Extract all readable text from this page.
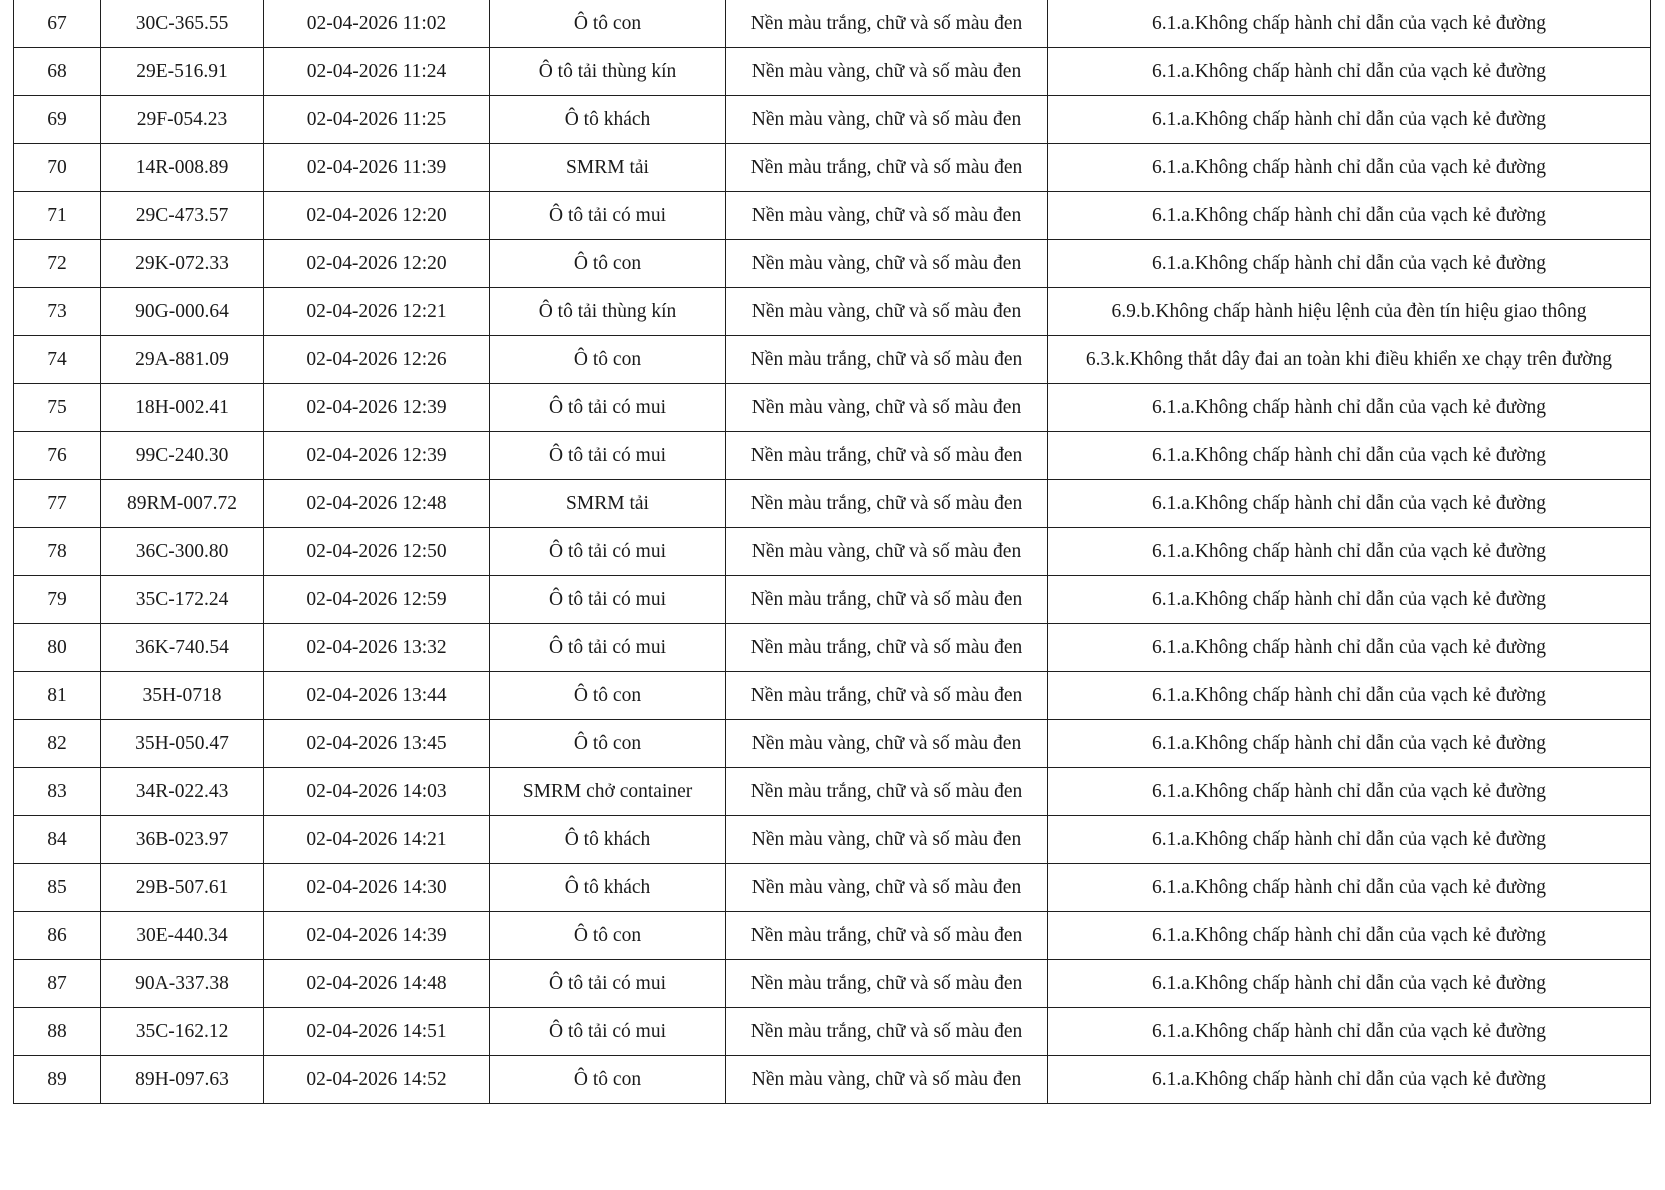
67	30C-365.55	02-04-2026 11:02	Ô tô con	Nền màu trắng, chữ và số màu đen	6.1.a.Không chấp hành chỉ dẫn của vạch kẻ đường
68	29E-516.91	02-04-2026 11:24	Ô tô tải thùng kín	Nền màu vàng, chữ và số màu đen	6.1.a.Không chấp hành chỉ dẫn của vạch kẻ đường
69	29F-054.23	02-04-2026 11:25	Ô tô khách	Nền màu vàng, chữ và số màu đen	6.1.a.Không chấp hành chỉ dẫn của vạch kẻ đường
70	14R-008.89	02-04-2026 11:39	SMRM tải	Nền màu trắng, chữ và số màu đen	6.1.a.Không chấp hành chỉ dẫn của vạch kẻ đường
71	29C-473.57	02-04-2026 12:20	Ô tô tải có mui	Nền màu vàng, chữ và số màu đen	6.1.a.Không chấp hành chỉ dẫn của vạch kẻ đường
72	29K-072.33	02-04-2026 12:20	Ô tô con	Nền màu vàng, chữ và số màu đen	6.1.a.Không chấp hành chỉ dẫn của vạch kẻ đường
73	90G-000.64	02-04-2026 12:21	Ô tô tải thùng kín	Nền màu vàng, chữ và số màu đen	6.9.b.Không chấp hành hiệu lệnh của đèn tín hiệu giao thông
74	29A-881.09	02-04-2026 12:26	Ô tô con	Nền màu trắng, chữ và số màu đen	6.3.k.Không thắt dây đai an toàn khi điều khiển xe chạy trên đường
75	18H-002.41	02-04-2026 12:39	Ô tô tải có mui	Nền màu vàng, chữ và số màu đen	6.1.a.Không chấp hành chỉ dẫn của vạch kẻ đường
76	99C-240.30	02-04-2026 12:39	Ô tô tải có mui	Nền màu trắng, chữ và số màu đen	6.1.a.Không chấp hành chỉ dẫn của vạch kẻ đường
77	89RM-007.72	02-04-2026 12:48	SMRM tải	Nền màu trắng, chữ và số màu đen	6.1.a.Không chấp hành chỉ dẫn của vạch kẻ đường
78	36C-300.80	02-04-2026 12:50	Ô tô tải có mui	Nền màu vàng, chữ và số màu đen	6.1.a.Không chấp hành chỉ dẫn của vạch kẻ đường
79	35C-172.24	02-04-2026 12:59	Ô tô tải có mui	Nền màu trắng, chữ và số màu đen	6.1.a.Không chấp hành chỉ dẫn của vạch kẻ đường
80	36K-740.54	02-04-2026 13:32	Ô tô tải có mui	Nền màu trắng, chữ và số màu đen	6.1.a.Không chấp hành chỉ dẫn của vạch kẻ đường
81	35H-0718	02-04-2026 13:44	Ô tô con	Nền màu trắng, chữ và số màu đen	6.1.a.Không chấp hành chỉ dẫn của vạch kẻ đường
82	35H-050.47	02-04-2026 13:45	Ô tô con	Nền màu vàng, chữ và số màu đen	6.1.a.Không chấp hành chỉ dẫn của vạch kẻ đường
83	34R-022.43	02-04-2026 14:03	SMRM chở container	Nền màu trắng, chữ và số màu đen	6.1.a.Không chấp hành chỉ dẫn của vạch kẻ đường
84	36B-023.97	02-04-2026 14:21	Ô tô khách	Nền màu vàng, chữ và số màu đen	6.1.a.Không chấp hành chỉ dẫn của vạch kẻ đường
85	29B-507.61	02-04-2026 14:30	Ô tô khách	Nền màu vàng, chữ và số màu đen	6.1.a.Không chấp hành chỉ dẫn của vạch kẻ đường
86	30E-440.34	02-04-2026 14:39	Ô tô con	Nền màu trắng, chữ và số màu đen	6.1.a.Không chấp hành chỉ dẫn của vạch kẻ đường
87	90A-337.38	02-04-2026 14:48	Ô tô tải có mui	Nền màu trắng, chữ và số màu đen	6.1.a.Không chấp hành chỉ dẫn của vạch kẻ đường
88	35C-162.12	02-04-2026 14:51	Ô tô tải có mui	Nền màu trắng, chữ và số màu đen	6.1.a.Không chấp hành chỉ dẫn của vạch kẻ đường
89	89H-097.63	02-04-2026 14:52	Ô tô con	Nền màu vàng, chữ và số màu đen	6.1.a.Không chấp hành chỉ dẫn của vạch kẻ đường
